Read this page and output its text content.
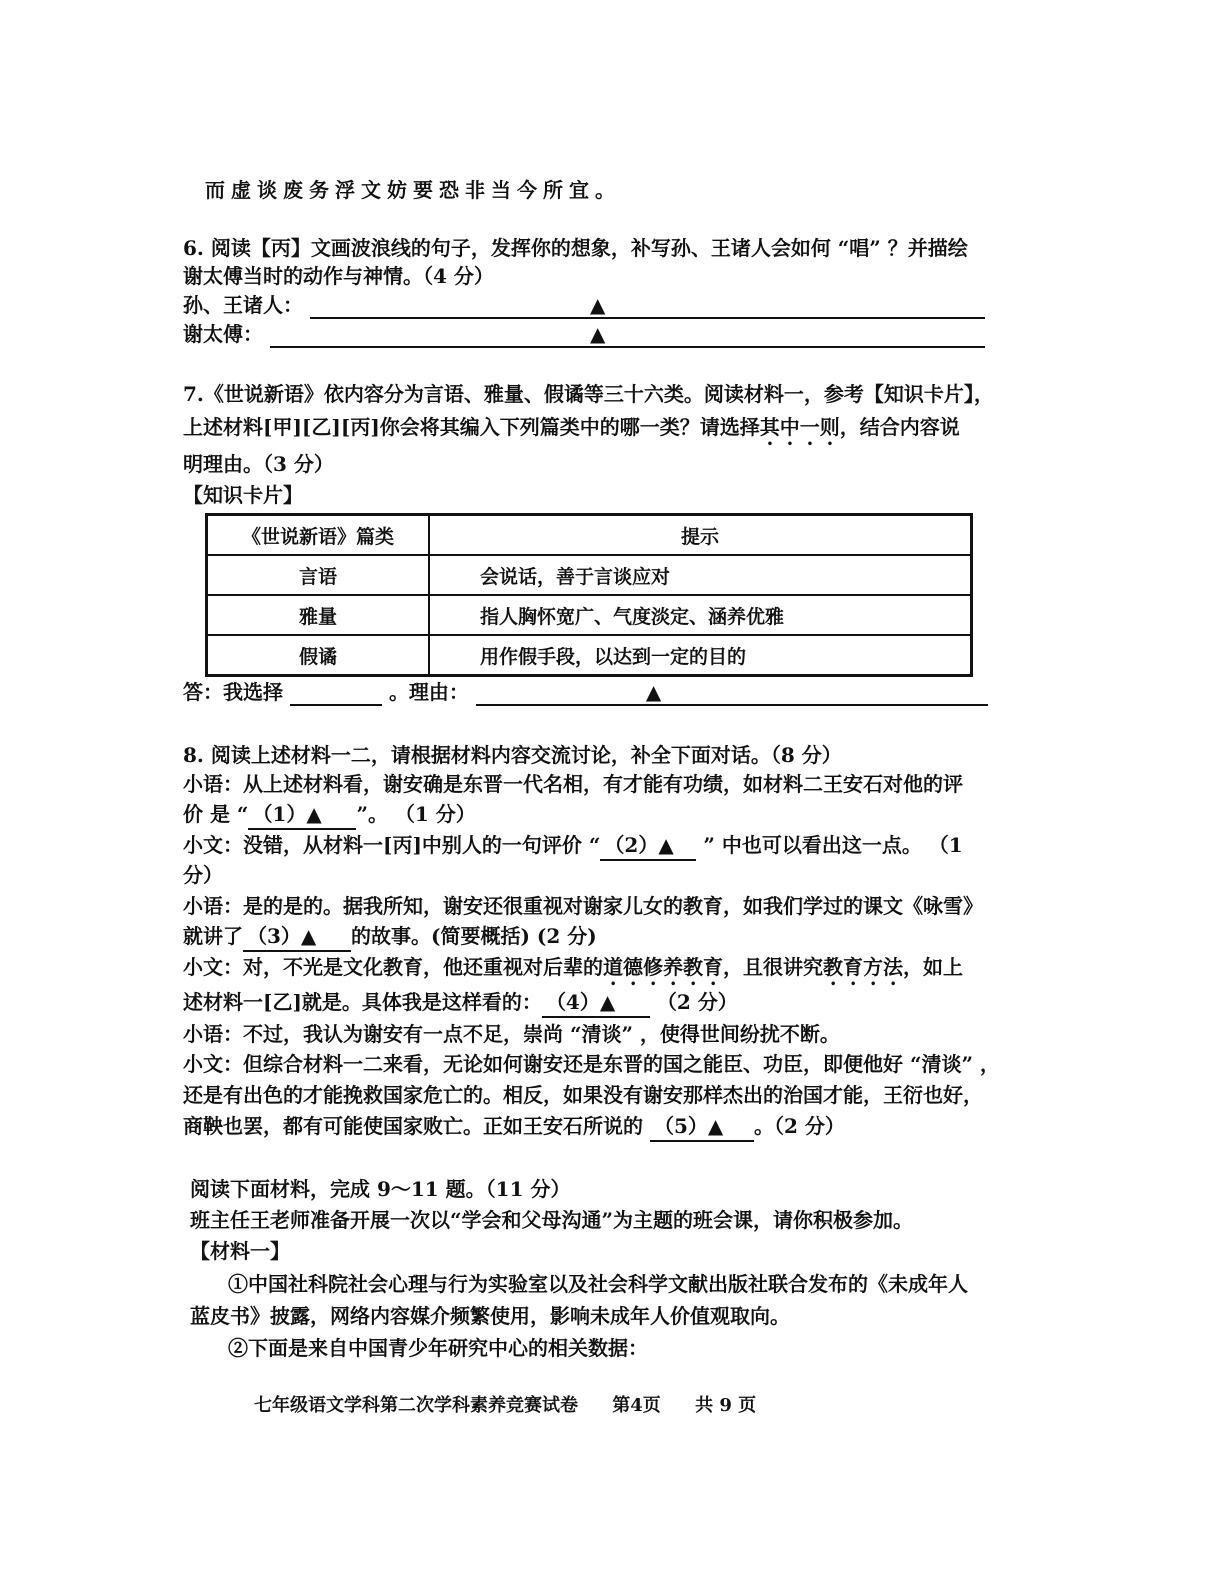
而虚谈废务浮文妨要恐非当今所宜。
6. 阅读【丙】文画波浪线的句子，发挥你的想象，补写孙、王诸人会如何 “唱” ？并描绘
谢太傅当时的动作与神情。（4 分）
孙、王诸人：	▲
谢太傅：	▲
7.《世说新语》依内容分为言语、雅量、假谲等三十六类。阅读材料一，参考【知识卡片】，
上述材料[甲][乙][丙]你会将其编入下列篇类中的哪一类？请选择其中一则，结合内容说
明理由。（3 分）
【知识卡片】
《世说新语》篇类	提示
言语	会说话，善于言谈应对
雅量	指人胸怀宽广、气度淡定、涵养优雅
假谲	用作假手段，以达到一定的目的
答：我选择	。理由：	▲
8. 阅读上述材料一二，请根据材料内容交流讨论，补全下面对话。（8 分）
小语：从上述材料看，谢安确是东晋一代名相，有才能有功绩，如材料二王安石对他的评
价 是 “ （1）▲ ”。 （1 分）
小文：没错，从材料一[丙]中别人的一句评价 “ （2）▲ ” 中也可以看出这一点。 （1
分）
小语：是的是的。据我所知，谢安还很重视对谢家儿女的教育，如我们学过的课文《咏雪》
就讲了 （3）▲ 的故事。(简要概括) (2 分)
小文：对，不光是文化教育，他还重视对后辈的道德修养教育，且很讲究教育方法，如上
述材料一[乙]就是。具体我是这样看的： （4）▲ （2 分）
小语：不过，我认为谢安有一点不足，崇尚 “清谈” ，使得世间纷扰不断。
小文：但综合材料一二来看，无论如何谢安还是东晋的国之能臣、功臣，即便他好 “清谈” ，
还是有出色的才能挽救国家危亡的。相反，如果没有谢安那样杰出的治国才能，王衍也好，
商鞅也罢，都有可能使国家败亡。正如王安石所说的 （5）▲ 。（2 分）
阅读下面材料，完成 9～11 题。（11 分）
班主任王老师准备开展一次以“学会和父母沟通”为主题的班会课，请你积极参加。
【材料一】
①中国社科院社会心理与行为实验室以及社会科学文献出版社联合发布的《未成年人
蓝皮书》披露，网络内容媒介频繁使用，影响未成年人价值观取向。
②下面是来自中国青少年研究中心的相关数据：
七年级语文学科第二次学科素养竞赛试卷 第4页 共 9 页
